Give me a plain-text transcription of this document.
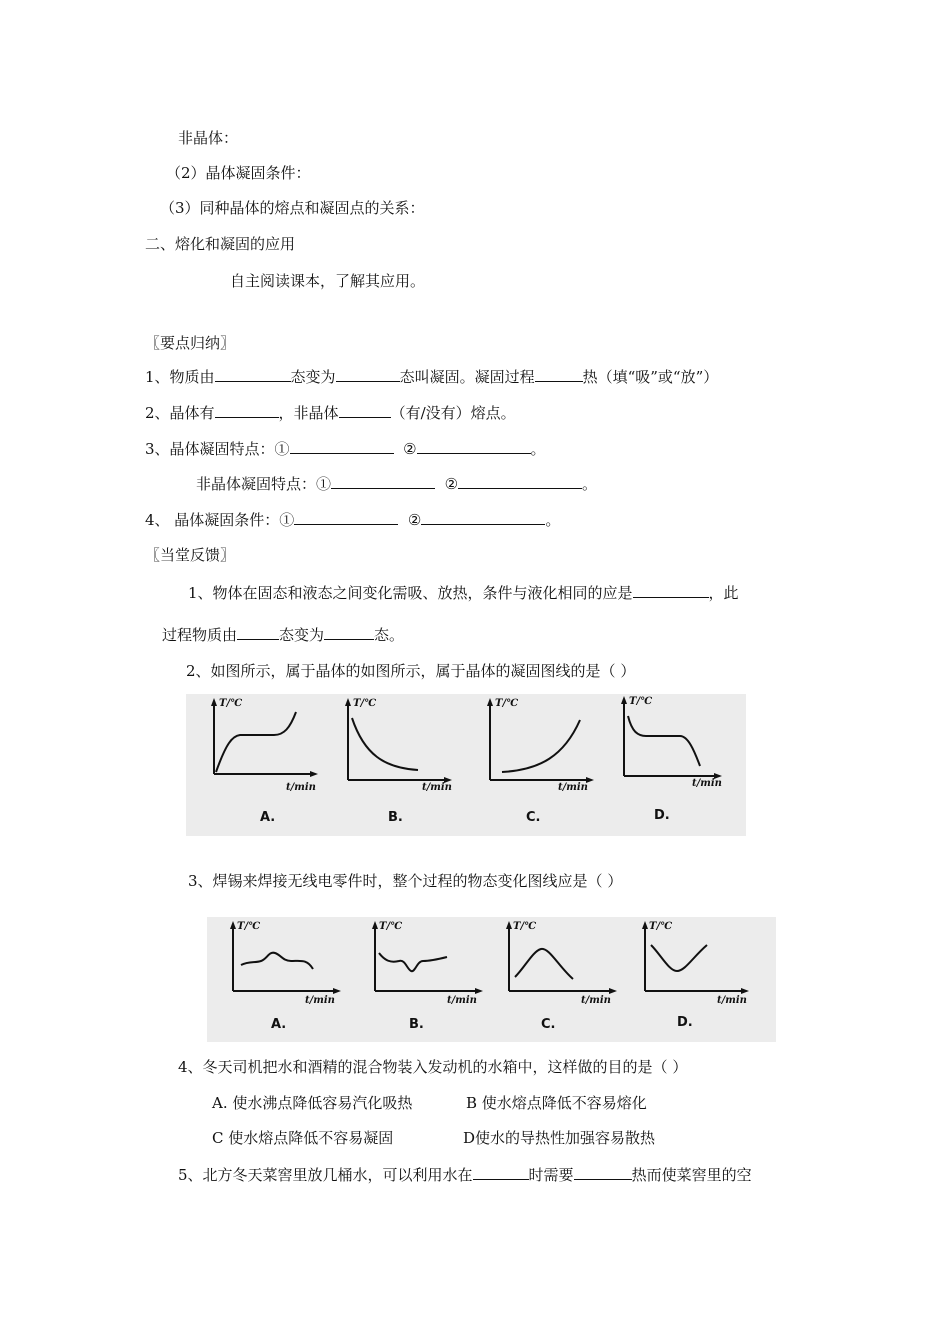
非晶体：
（2）晶体凝固条件：
（3）同种晶体的熔点和凝固点的关系：
二、熔化和凝固的应用
自主阅读课本，了解其应用。
〖要点归纳〗
1、物质由	态变为	态叫凝固。凝固过程	热（填“吸”或“放”）
2、晶体有	，非晶体	（有/没有）熔点。
3、晶体凝固特点：①	②	。
非晶体凝固特点：①	②	。
4、 晶体凝固条件：①	②	。
〖当堂反馈〗
1、物体在固态和液态之间变化需吸、放热，条件与液化相同的应是	，此
过程物质由	态变为	态。
2、如图所示，属于晶体的如图所示，属于晶体的凝固图线的是（ ）
T/℃
t/min
A.
T/℃
t/min
B.
T/℃
t/min
C.
T/℃
t/min
D.
3、焊锡来焊接无线电零件时，整个过程的物态变化图线应是（ ）
T/℃
t/min
A.
T/℃
t/min
B.
T/℃
t/min
C.
T/℃
t/min
D.
4、冬天司机把水和酒精的混合物装入发动机的水箱中，这样做的目的是（ ）
A. 使水沸点降低容易汽化吸热	B 使水熔点降低不容易熔化
C 使水熔点降低不容易凝固	D使水的导热性加强容易散热
5、北方冬天菜窖里放几桶水，可以利用水在	时需要	热而使菜窖里的空
